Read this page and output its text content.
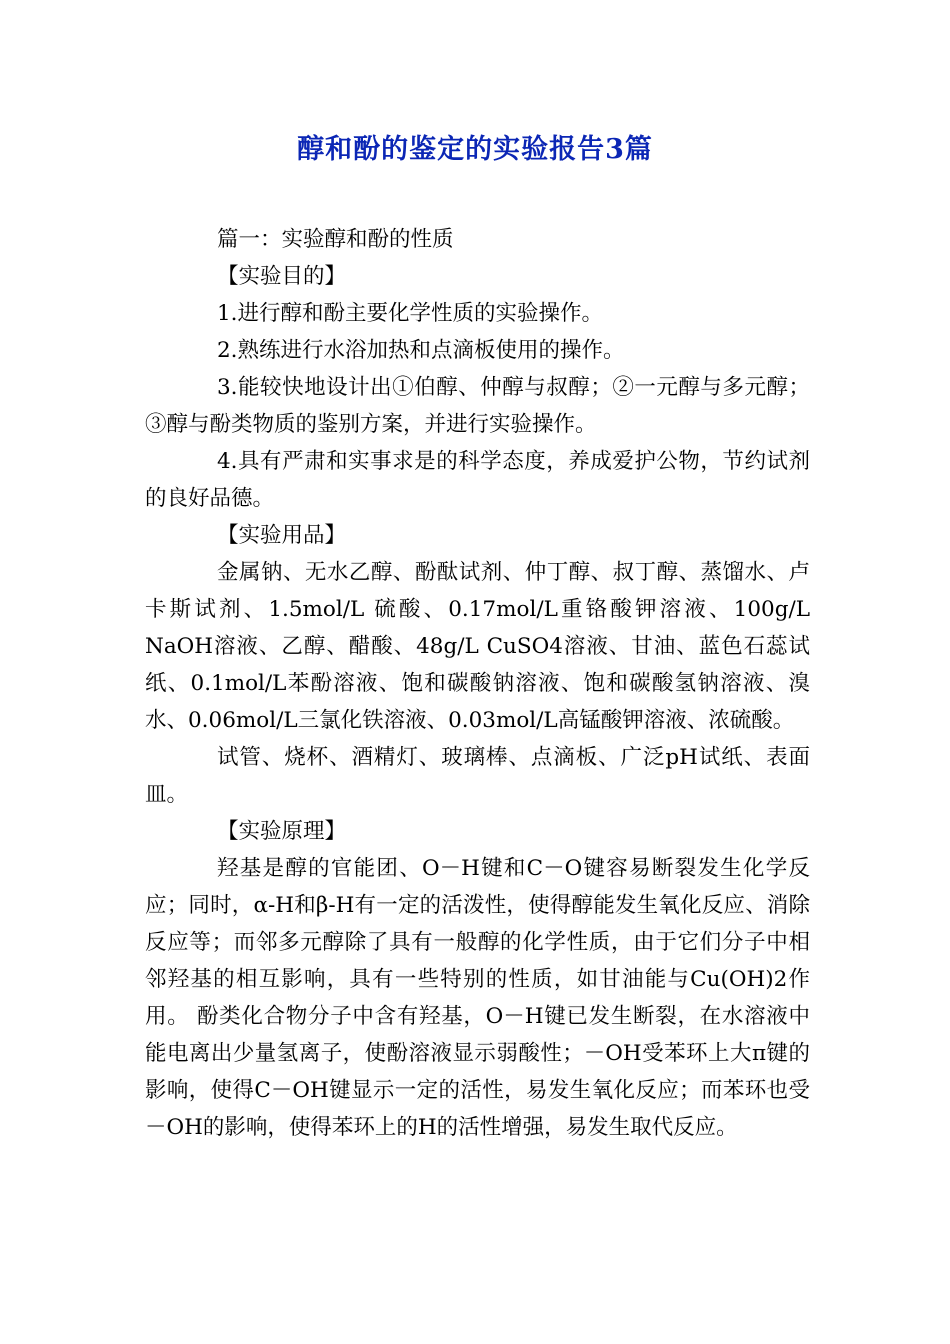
醇和酚的鉴定的实验报告3篇

篇一：实验醇和酚的性质

【实验目的】

1.进行醇和酚主要化学性质的实验操作。

2.熟练进行水浴加热和点滴板使用的操作。

3.能较快地设计出①伯醇、仲醇与叔醇；②一元醇与多元醇；③醇与酚类物质的鉴别方案，并进行实验操作。

4.具有严肃和实事求是的科学态度，养成爱护公物，节约试剂的良好品德。

【实验用品】

金属钠、无水乙醇、酚酞试剂、仲丁醇、叔丁醇、蒸馏水、卢卡斯试剂、1.5mol/L 硫酸、0.17mol/L重铬酸钾溶液、100g/L NaOH溶液、乙醇、醋酸、48g/L CuSO4溶液、甘油、蓝色石蕊试纸、0.1mol/L苯酚溶液、饱和碳酸钠溶液、饱和碳酸氢钠溶液、溴水、0.06mol/L三氯化铁溶液、0.03mol/L高锰酸钾溶液、浓硫酸。

试管、烧杯、酒精灯、玻璃棒、点滴板、广泛pH试纸、表面皿。

【实验原理】

羟基是醇的官能团、O－H键和C－O键容易断裂发生化学反应；同时，α-H和β-H有一定的活泼性，使得醇能发生氧化反应、消除反应等；而邻多元醇除了具有一般醇的化学性质，由于它们分子中相邻羟基的相互影响，具有一些特别的性质，如甘油能与Cu(OH)2作用。 酚类化合物分子中含有羟基，O－H键已发生断裂，在水溶液中能电离出少量氢离子，使酚溶液显示弱酸性；－OH受苯环上大π键的影响，使得C－OH键显示一定的活性，易发生氧化反应；而苯环也受－OH的影响，使得苯环上的H的活性增强，易发生取代反应。
